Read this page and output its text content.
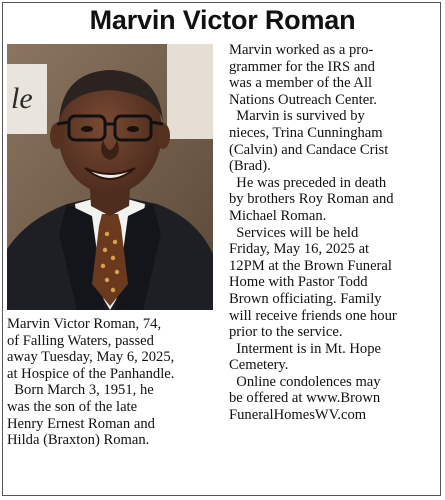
Marvin Victor Roman
le
Marvin Victor Roman, 74,
of Falling Waters, passed
away Tuesday, May 6, 2025,
at Hospice of the Panhandle.
Born March 3, 1951, he
was the son of the late
Henry Ernest Roman and
Hilda (Braxton) Roman.
Marvin worked as a pro-
grammer for the IRS and
was a member of the All
Nations Outreach Center.
Marvin is survived by
nieces, Trina Cunningham
(Calvin) and Candace Crist
(Brad).
He was preceded in death
by brothers Roy Roman and
Michael Roman.
Services will be held
Friday, May 16, 2025 at
12PM at the Brown Funeral
Home with Pastor Todd
Brown officiating. Family
will receive friends one hour
prior to the service.
Interment is in Mt. Hope
Cemetery.
Online condolences may
be offered at www.Brown
FuneralHomesWV.com
